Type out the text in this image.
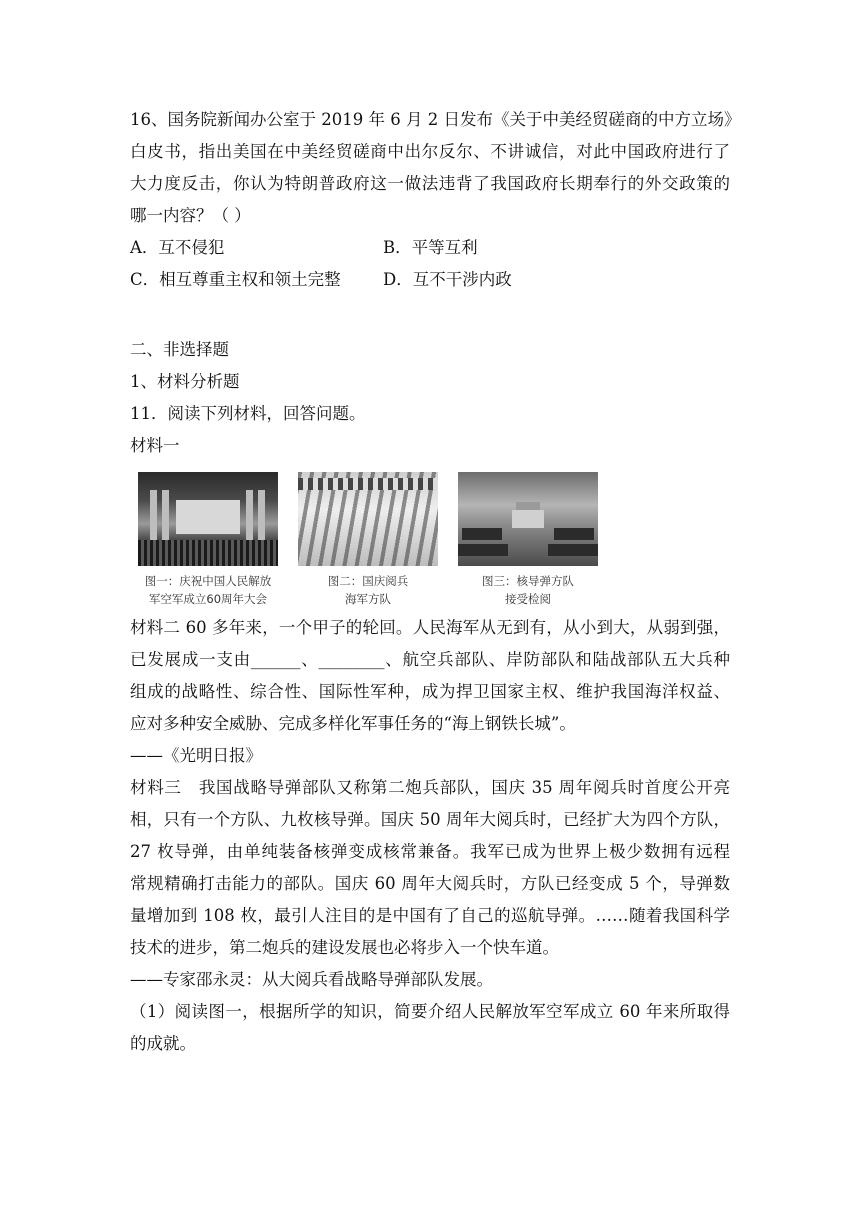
16、国务院新闻办公室于 2019 年 6 月 2 日发布《关于中美经贸磋商的中方立场》

白皮书，指出美国在中美经贸磋商中出尔反尔、不讲诚信，对此中国政府进行了

大力度反击，你认为特朗普政府这一做法违背了我国政府长期奉行的外交政策的

哪一内容？（ ）

A．互不侵犯	B．平等互利
C．相互尊重主权和领土完整	D．互不干涉内政

二、非选择题

1、材料分析题

11．阅读下列材料，回答问题。

材料一

图一：庆祝中国人民解放
军空军成立60周年大会
图二：国庆阅兵
海军方队
图三：核导弹方队
接受检阅

材料二 60 多年来，一个甲子的轮回。人民海军从无到有，从小到大，从弱到强，

已发展成一支由______、________、航空兵部队、岸防部队和陆战部队五大兵种

组成的战略性、综合性、国际性军种，成为捍卫国家主权、维护我国海洋权益、

应对多种安全威胁、完成多样化军事任务的“海上钢铁长城”。

——《光明日报》

材料三　我国战略导弹部队又称第二炮兵部队，国庆 35 周年阅兵时首度公开亮

相，只有一个方队、九枚核导弹。国庆 50 周年大阅兵时，已经扩大为四个方队，

27 枚导弹，由单纯装备核弹变成核常兼备。我军已成为世界上极少数拥有远程

常规精确打击能力的部队。国庆 60 周年大阅兵时，方队已经变成 5 个，导弹数

量增加到 108 枚，最引人注目的是中国有了自己的巡航导弹。……随着我国科学

技术的进步，第二炮兵的建设发展也必将步入一个快车道。

——专家邵永灵：从大阅兵看战略导弹部队发展。

（1）阅读图一，根据所学的知识，简要介绍人民解放军空军成立 60 年来所取得

的成就。
